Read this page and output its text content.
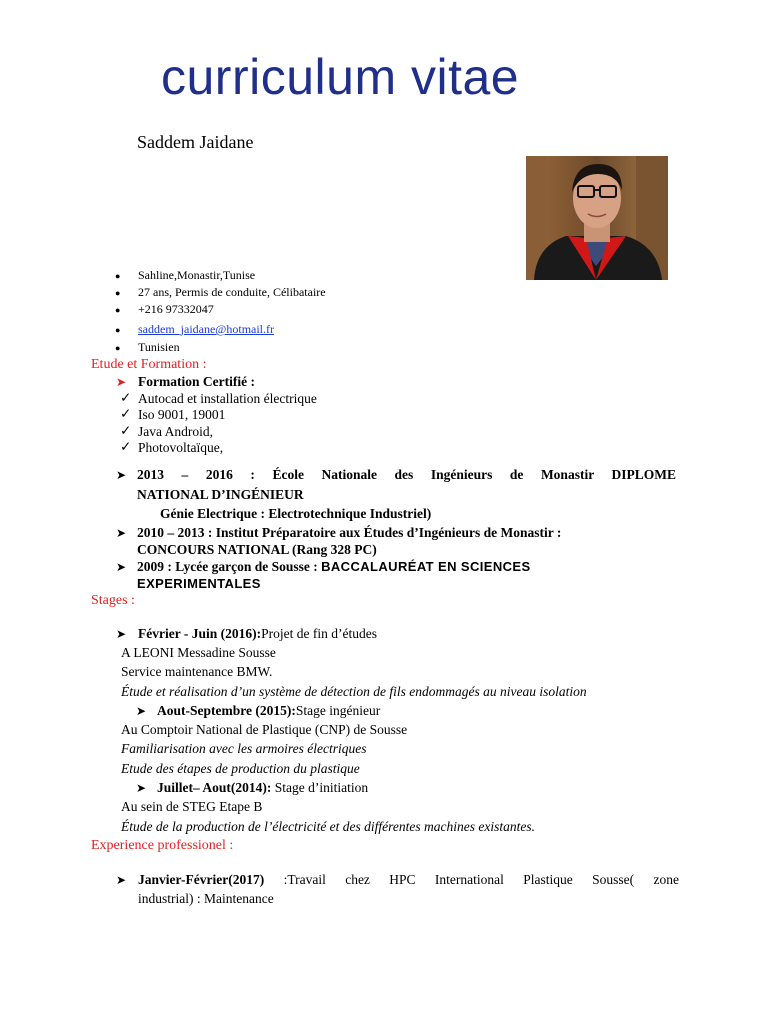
curriculum vitae
Saddem Jaidane
● Sahline,Monastir,Tunise
● 27 ans, Permis de conduite, Célibataire
● +216 97332047
● saddem_jaidane@hotmail.fr
● Tunisien
Etude et Formation :
➤ Formation Certifié :
✓ Autocad et installation électrique
✓ Iso 9001, 19001
✓ Java Android,
✓ Photovoltaïque,
➤ 2013 – 2016 : École Nationale des Ingénieurs de Monastir DIPLOME
NATIONAL D’INGÉNIEUR
Génie Electrique : Electrotechnique Industriel)
➤ 2010 – 2013 : Institut Préparatoire aux Études d’Ingénieurs de Monastir :
CONCOURS NATIONAL (Rang 328 PC)
➤ 2009 : Lycée garçon de Sousse : BACCALAURÉAT EN SCIENCES
EXPERIMENTALES
Stages :
➤ Février - Juin (2016):Projet de fin d’études
A LEONI Messadine Sousse
Service maintenance BMW.
Étude et réalisation d’un système de détection de fils endommagés au niveau isolation
➤ Aout-Septembre (2015):Stage ingénieur
Au Comptoir National de Plastique (CNP) de Sousse
Familiarisation avec les armoires électriques
Etude des étapes de production du plastique
➤ Juillet– Aout(2014): Stage d’initiation
Au sein de STEG Etape B
Étude de la production de l’électricité et des différentes machines existantes.
Experience professionel :
➤ Janvier-Février(2017) :Travail chez HPC International Plastique Sousse( zone
industrial) : Maintenance
